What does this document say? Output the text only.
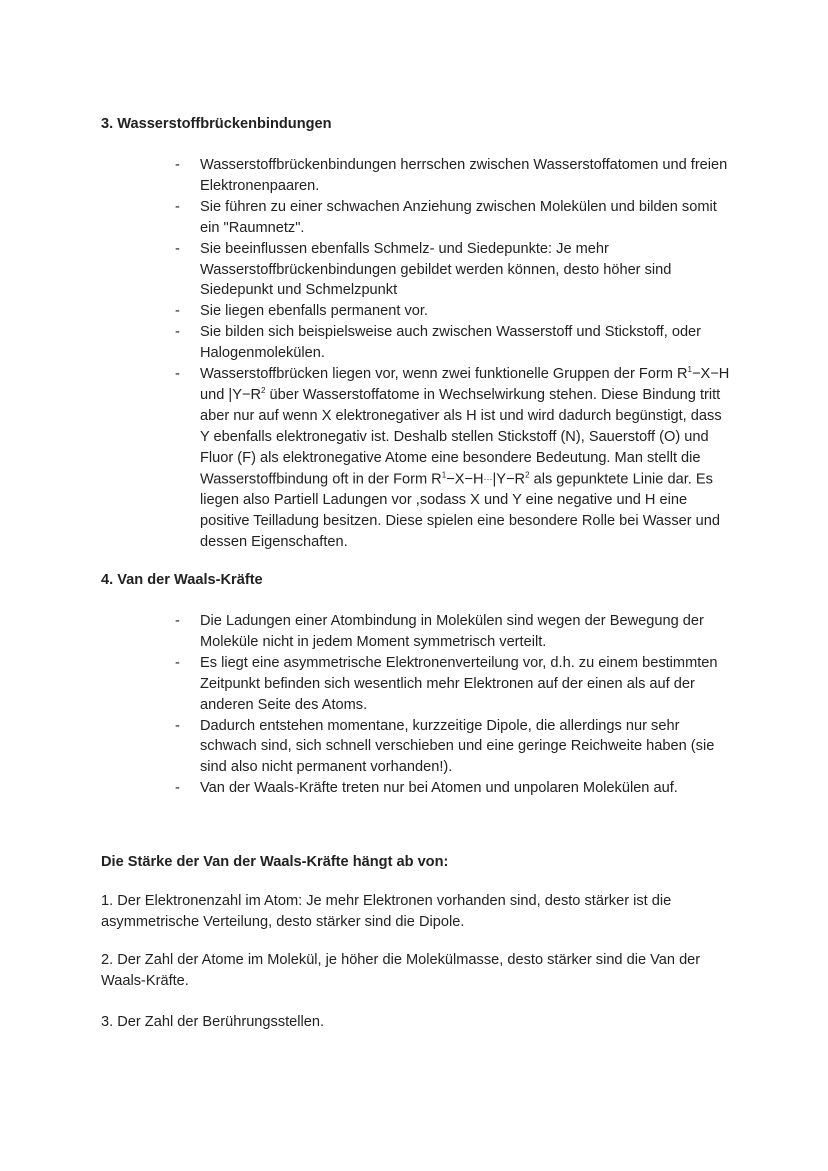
3. Wasserstoffbrückenbindungen
- Wasserstoffbrückenbindungen herrschen zwischen Wasserstoffatomen und freien Elektronenpaaren.
- Sie führen zu einer schwachen Anziehung zwischen Molekülen und bilden somit ein "Raumnetz".
- Sie beeinflussen ebenfalls Schmelz- und Siedepunkte: Je mehr Wasserstoffbrückenbindungen gebildet werden können, desto höher sind Siedepunkt und Schmelzpunkt
- Sie liegen ebenfalls permanent vor.
- Sie bilden sich beispielsweise auch zwischen Wasserstoff und Stickstoff, oder Halogenmolekülen.
- Wasserstoffbrücken liegen vor, wenn zwei funktionelle Gruppen der Form $R^1-X-H$ und $|Y-R^2$ über Wasserstoffatome in Wechselwirkung stehen. Diese Bindung tritt aber nur auf wenn X elektronegativer als H ist und wird dadurch begünstigt, dass Y ebenfalls elektronegativ ist. Deshalb stellen Stickstoff (N), Sauerstoff (O) und Fluor (F) als elektronegative Atome eine besondere Bedeutung. Man stellt die Wasserstoffbindung oft in der Form $R^1-X-H\cdot\cdot\cdot|Y-R^2$ als gepunktete Linie dar. Es liegen also Partiell Ladungen vor ,sodass X und Y eine negative und H eine positive Teilladung besitzen. Diese spielen eine besondere Rolle bei Wasser und dessen Eigenschaften.
4. Van der Waals-Kräfte
- Die Ladungen einer Atombindung in Molekülen sind wegen der Bewegung der Moleküle nicht in jedem Moment symmetrisch verteilt.
- Es liegt eine asymmetrische Elektronenverteilung vor, d.h. zu einem bestimmten Zeitpunkt befinden sich wesentlich mehr Elektronen auf der einen als auf der anderen Seite des Atoms.
- Dadurch entstehen momentane, kurzzeitige Dipole, die allerdings nur sehr schwach sind, sich schnell verschieben und eine geringe Reichweite haben (sie sind also nicht permanent vorhanden!).
- Van der Waals-Kräfte treten nur bei Atomen und unpolaren Molekülen auf.
Die Stärke der Van der Waals-Kräfte hängt ab von:

1. Der Elektronenzahl im Atom: Je mehr Elektronen vorhanden sind, desto stärker ist die asymmetrische Verteilung, desto stärker sind die Dipole.

2. Der Zahl der Atome im Molekül, je höher die Molekülmasse, desto stärker sind die Van der Waals-Kräfte.

3. Der Zahl der Berührungsstellen.
